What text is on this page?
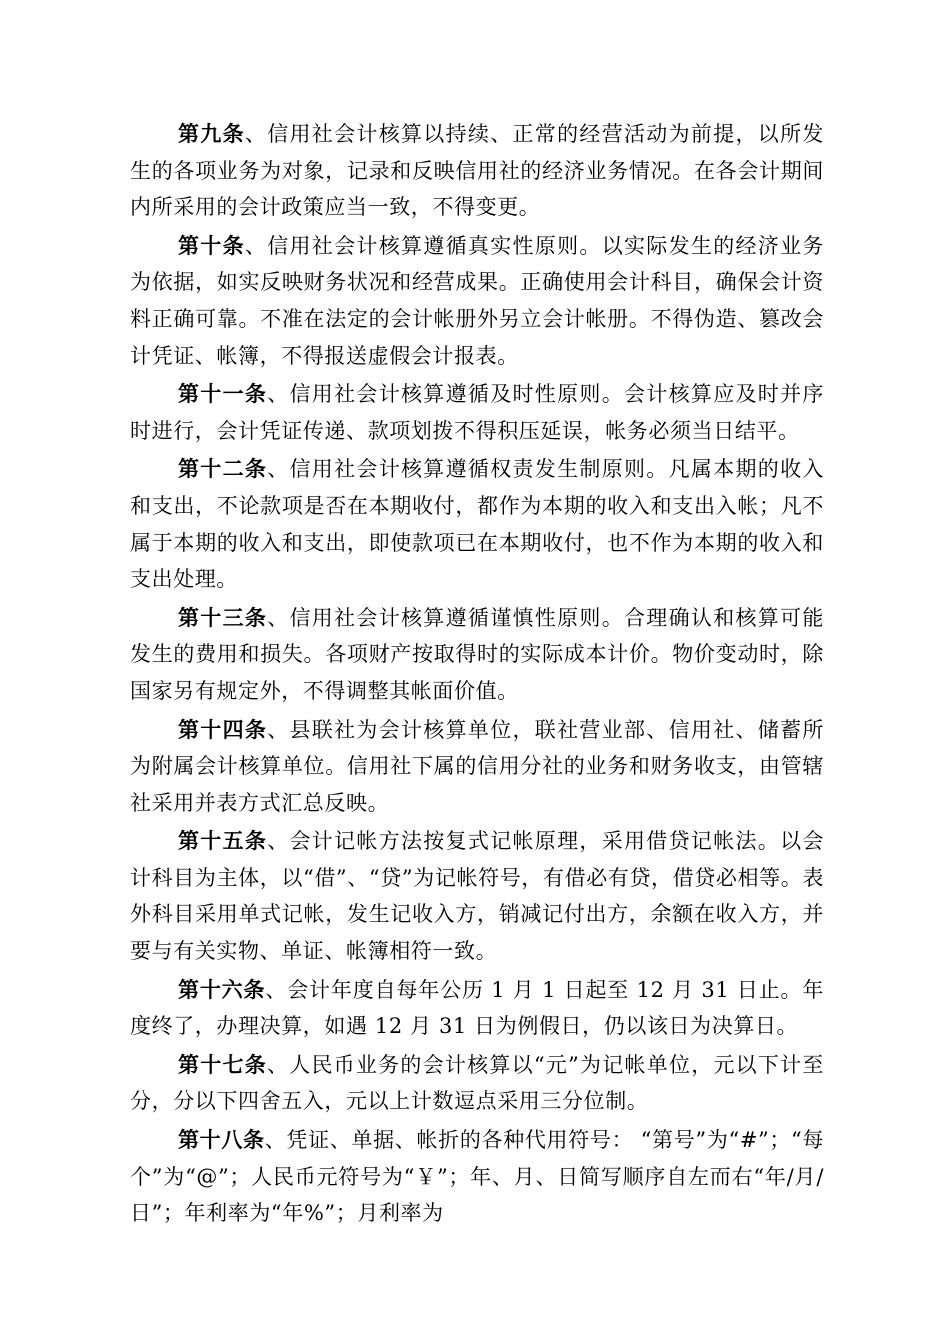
第九条、信用社会计核算以持续、正常的经营活动为前提，以所发生的各项业务为对象，记录和反映信用社的经济业务情况。在各会计期间内所采用的会计政策应当一致，不得变更。

第十条、信用社会计核算遵循真实性原则。以实际发生的经济业务为依据，如实反映财务状况和经营成果。正确使用会计科目，确保会计资料正确可靠。不准在法定的会计帐册外另立会计帐册。不得伪造、篡改会计凭证、帐簿，不得报送虚假会计报表。

第十一条、信用社会计核算遵循及时性原则。会计核算应及时并序时进行，会计凭证传递、款项划拨不得积压延误，帐务必须当日结平。

第十二条、信用社会计核算遵循权责发生制原则。凡属本期的收入和支出，不论款项是否在本期收付，都作为本期的收入和支出入帐；凡不属于本期的收入和支出，即使款项已在本期收付，也不作为本期的收入和支出处理。

第十三条、信用社会计核算遵循谨慎性原则。合理确认和核算可能发生的费用和损失。各项财产按取得时的实际成本计价。物价变动时，除国家另有规定外，不得调整其帐面价值。

第十四条、县联社为会计核算单位，联社营业部、信用社、储蓄所为附属会计核算单位。信用社下属的信用分社的业务和财务收支，由管辖社采用并表方式汇总反映。

第十五条、会计记帐方法按复式记帐原理，采用借贷记帐法。以会计科目为主体，以“借”、“贷”为记帐符号，有借必有贷，借贷必相等。表外科目采用单式记帐，发生记收入方，销减记付出方，余额在收入方，并要与有关实物、单证、帐簿相符一致。

第十六条、会计年度自每年公历 1 月 1 日起至 12 月 31 日止。年度终了，办理决算，如遇 12 月 31 日为例假日，仍以该日为决算日。

第十七条、人民币业务的会计核算以“元”为记帐单位，元以下计至分，分以下四舍五入，元以上计数逗点采用三分位制。

第十八条、凭证、单据、帐折的各种代用符号： “第号”为“#”；“每个”为“@”；人民币元符号为“￥”；年、月、日简写顺序自左而右“年/月/日”；年利率为“年%”；月利率为
